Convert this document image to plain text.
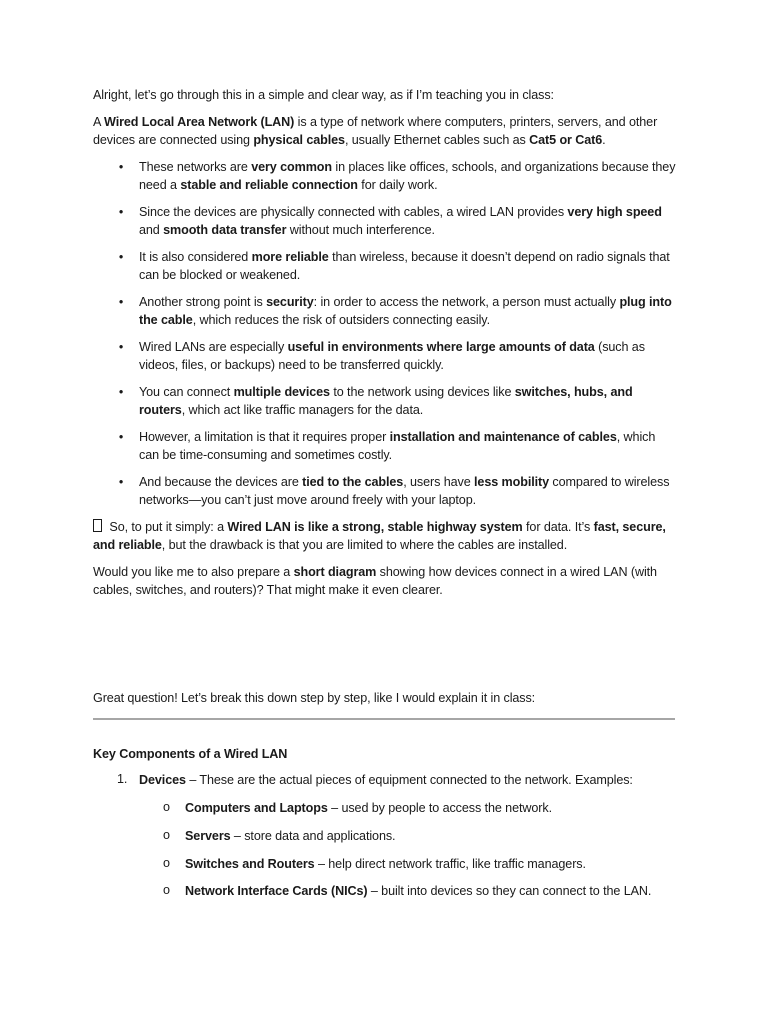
Alright, let’s go through this in a simple and clear way, as if I’m teaching you in class:

A Wired Local Area Network (LAN) is a type of network where computers, printers, servers, and other devices are connected using physical cables, usually Ethernet cables such as Cat5 or Cat6.

• These networks are very common in places like offices, schools, and organizations because they need a stable and reliable connection for daily work.
• Since the devices are physically connected with cables, a wired LAN provides very high speed and smooth data transfer without much interference.
• It is also considered more reliable than wireless, because it doesn’t depend on radio signals that can be blocked or weakened.
• Another strong point is security: in order to access the network, a person must actually plug into the cable, which reduces the risk of outsiders connecting easily.
• Wired LANs are especially useful in environments where large amounts of data (such as videos, files, or backups) need to be transferred quickly.
• You can connect multiple devices to the network using devices like switches, hubs, and routers, which act like traffic managers for the data.
• However, a limitation is that it requires proper installation and maintenance of cables, which can be time-consuming and sometimes costly.
• And because the devices are tied to the cables, users have less mobility compared to wireless networks—you can’t just move around freely with your laptop.

So, to put it simply: a Wired LAN is like a strong, stable highway system for data. It’s fast, secure, and reliable, but the drawback is that you are limited to where the cables are installed.

Would you like me to also prepare a short diagram showing how devices connect in a wired LAN (with cables, switches, and routers)? That might make it even clearer.

Great question! Let’s break this down step by step, like I would explain it in class:

Key Components of a Wired LAN

1. Devices – These are the actual pieces of equipment connected to the network. Examples:

o Computers and Laptops – used by people to access the network.

o Servers – store data and applications.

o Switches and Routers – help direct network traffic, like traffic managers.

o Network Interface Cards (NICs) – built into devices so they can connect to the LAN.
